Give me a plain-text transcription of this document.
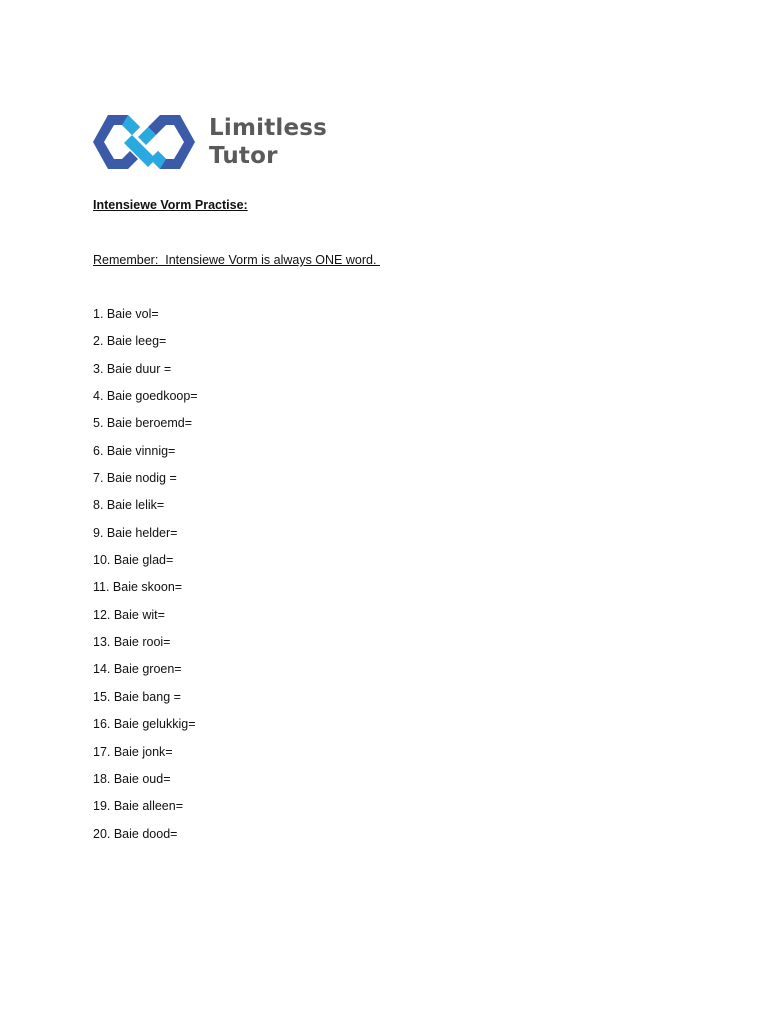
Limitless
Tutor
Intensiewe Vorm Practise:
Remember:  Intensiewe Vorm is always ONE word.
1. Baie vol=
2. Baie leeg=
3. Baie duur =
4. Baie goedkoop=
5. Baie beroemd=
6. Baie vinnig=
7. Baie nodig =
8. Baie lelik=
9. Baie helder=
10. Baie glad=
11. Baie skoon=
12. Baie wit=
13. Baie rooi=
14. Baie groen=
15. Baie bang =
16. Baie gelukkig=
17. Baie jonk=
18. Baie oud=
19. Baie alleen=
20. Baie dood=
